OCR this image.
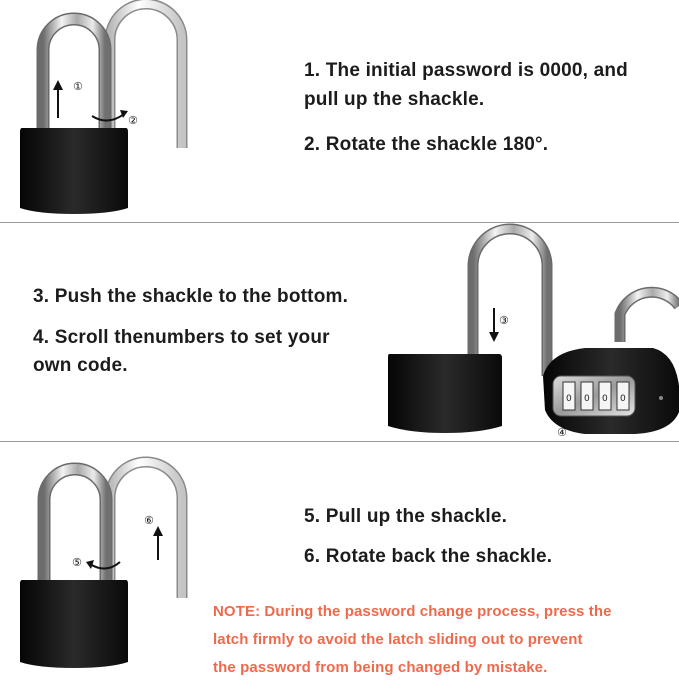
①
②
1. The initial password is 0000, and
pull up the shackle.
2. Rotate the shackle 180°.
3. Push the shackle to the bottom.
4. Scroll thenumbers to set your
own code.
③
0 0 0 0
④
⑤
⑥	5. Pull up the shackle.
6. Rotate back the shackle.
NOTE: During the password change process, press the
latch firmly to avoid the latch sliding out to prevent
the password from being changed by mistake.
